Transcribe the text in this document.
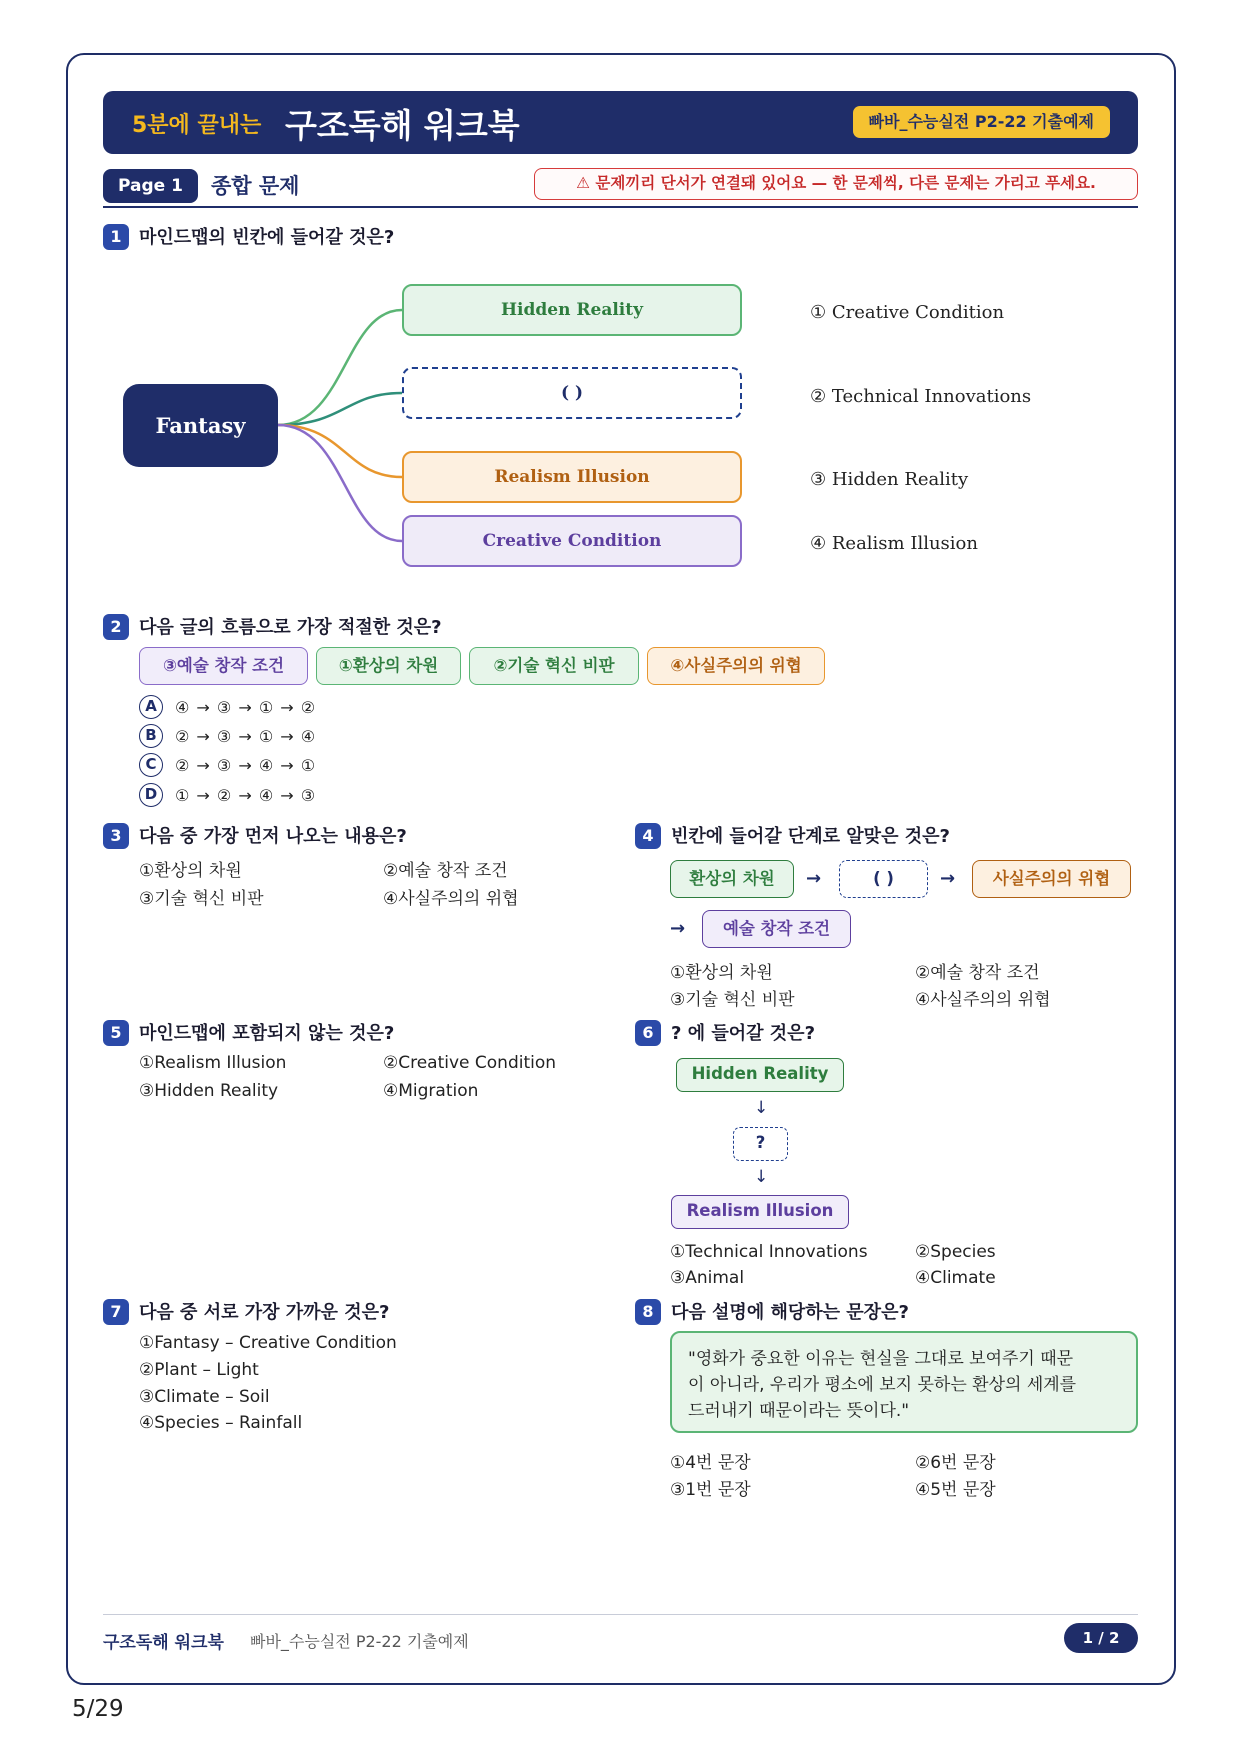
5분에 끝내는 구조독해 워크북	빠바_수능실전 P2-22 기출예제
Page 1	종합 문제	⚠ 문제끼리 단서가 연결돼 있어요 — 한 문제씩, 다른 문제는 가리고 푸세요.
1 마인드맵의 빈칸에 들어갈 것은?
Fantasy
Hidden Reality
( )
Realism Illusion
Creative Condition
① Creative Condition
② Technical Innovations
③ Hidden Reality
④ Realism Illusion
2 다음 글의 흐름으로 가장 적절한 것은?
③예술 창작 조건	①환상의 차원	②기술 혁신 비판	④사실주의의 위협
A ④ → ③ → ① → ②
B ② → ③ → ① → ④
C ② → ③ → ④ → ①
D ① → ② → ④ → ③
3 다음 중 가장 먼저 나오는 내용은?
①환상의 차원	②예술 창작 조건
③기술 혁신 비판	④사실주의의 위협
4 빈칸에 들어갈 단계로 알맞은 것은?
환상의 차원	→	( )	→	사실주의의 위협
→	예술 창작 조건
①환상의 차원	②예술 창작 조건
③기술 혁신 비판	④사실주의의 위협
5 마인드맵에 포함되지 않는 것은?
①Realism Illusion	②Creative Condition
③Hidden Reality	④Migration
6 ? 에 들어갈 것은?
Hidden Reality
↓
?
↓
Realism Illusion
①Technical Innovations	②Species
③Animal	④Climate
7 다음 중 서로 가장 가까운 것은?
①Fantasy – Creative Condition
②Plant – Light
③Climate – Soil
④Species – Rainfall
8 다음 설명에 해당하는 문장은?
"영화가 중요한 이유는 현실을 그대로 보여주기 때문
이 아니라, 우리가 평소에 보지 못하는 환상의 세계를
드러내기 때문이라는 뜻이다."
①4번 문장	②6번 문장
③1번 문장	④5번 문장
구조독해 워크북 빠바_수능실전 P2-22 기출예제	1 / 2
5/29
